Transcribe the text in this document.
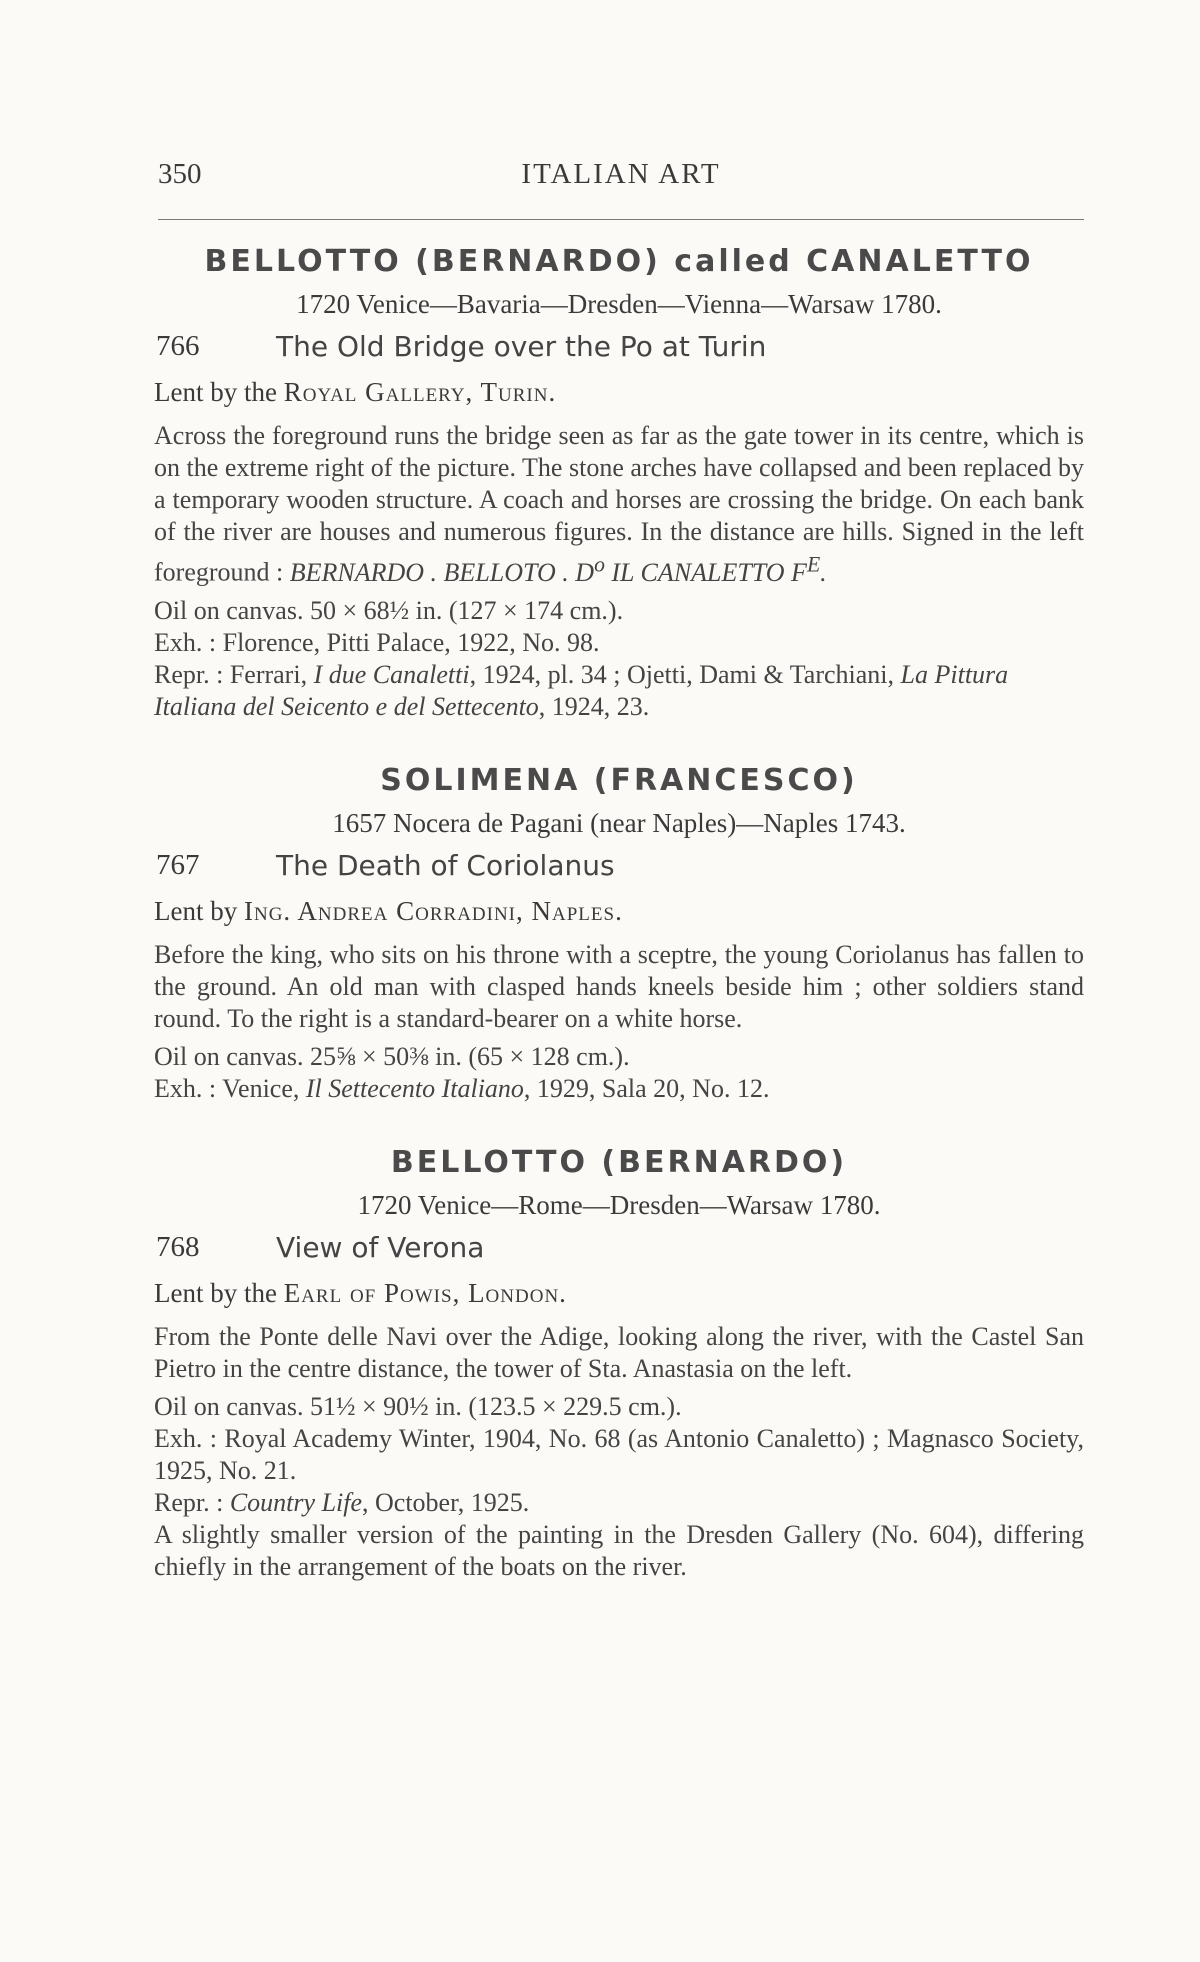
350	ITALIAN ART
BELLOTTO (BERNARDO) called CANALETTO
1720 Venice—Bavaria—Dresden—Vienna—Warsaw 1780.
766	The Old Bridge over the Po at Turin
Lent by the Royal Gallery, Turin.
Across the foreground runs the bridge seen as far as the gate tower in its centre, which is on the extreme right of the picture. The stone arches have collapsed and been replaced by a temporary wooden structure. A coach and horses are crossing the bridge. On each bank of the river are houses and numerous figures. In the distance are hills. Signed in the left foreground : BERNARDO . BELLOTO . $D^o$ IL CANALETTO $F^E$.
Oil on canvas. 50 × 68½ in. (127 × 174 cm.).
Exh. : Florence, Pitti Palace, 1922, No. 98.
Repr. : Ferrari, I due Canaletti, 1924, pl. 34 ; Ojetti, Dami & Tarchiani, La Pittura Italiana del Seicento e del Settecento, 1924, 23.
SOLIMENA (FRANCESCO)
1657 Nocera de Pagani (near Naples)—Naples 1743.
767	The Death of Coriolanus
Lent by Ing. Andrea Corradini, Naples.
Before the king, who sits on his throne with a sceptre, the young Coriolanus has fallen to the ground. An old man with clasped hands kneels beside him ; other soldiers stand round. To the right is a standard-bearer on a white horse.
Oil on canvas. 25⅝ × 50⅜ in. (65 × 128 cm.).
Exh. : Venice, Il Settecento Italiano, 1929, Sala 20, No. 12.
BELLOTTO (BERNARDO)
1720 Venice—Rome—Dresden—Warsaw 1780.
768	View of Verona
Lent by the Earl of Powis, London.
From the Ponte delle Navi over the Adige, looking along the river, with the Castel San Pietro in the centre distance, the tower of Sta. Anastasia on the left.
Oil on canvas. 51½ × 90½ in. (123.5 × 229.5 cm.).
Exh. : Royal Academy Winter, 1904, No. 68 (as Antonio Canaletto) ; Magnasco Society, 1925, No. 21.
Repr. : Country Life, October, 1925.
A slightly smaller version of the painting in the Dresden Gallery (No. 604), differing chiefly in the arrangement of the boats on the river.
